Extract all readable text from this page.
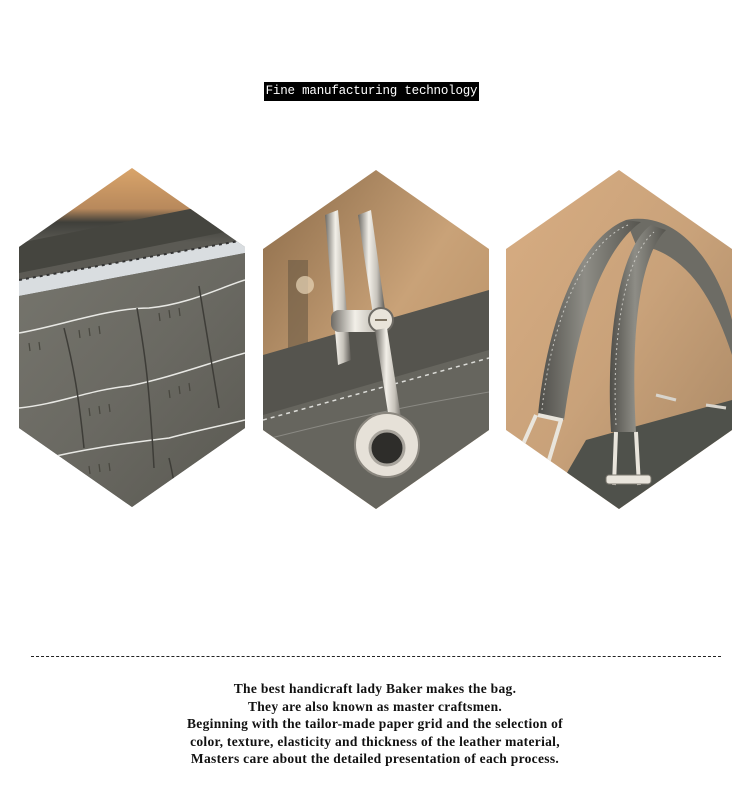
Fine manufacturing technology
The best handicraft lady Baker makes the bag.
They are also known as master craftsmen.
Beginning with the tailor-made paper grid and the selection of
color, texture, elasticity and thickness of the leather material,
Masters care about the detailed presentation of each process.
